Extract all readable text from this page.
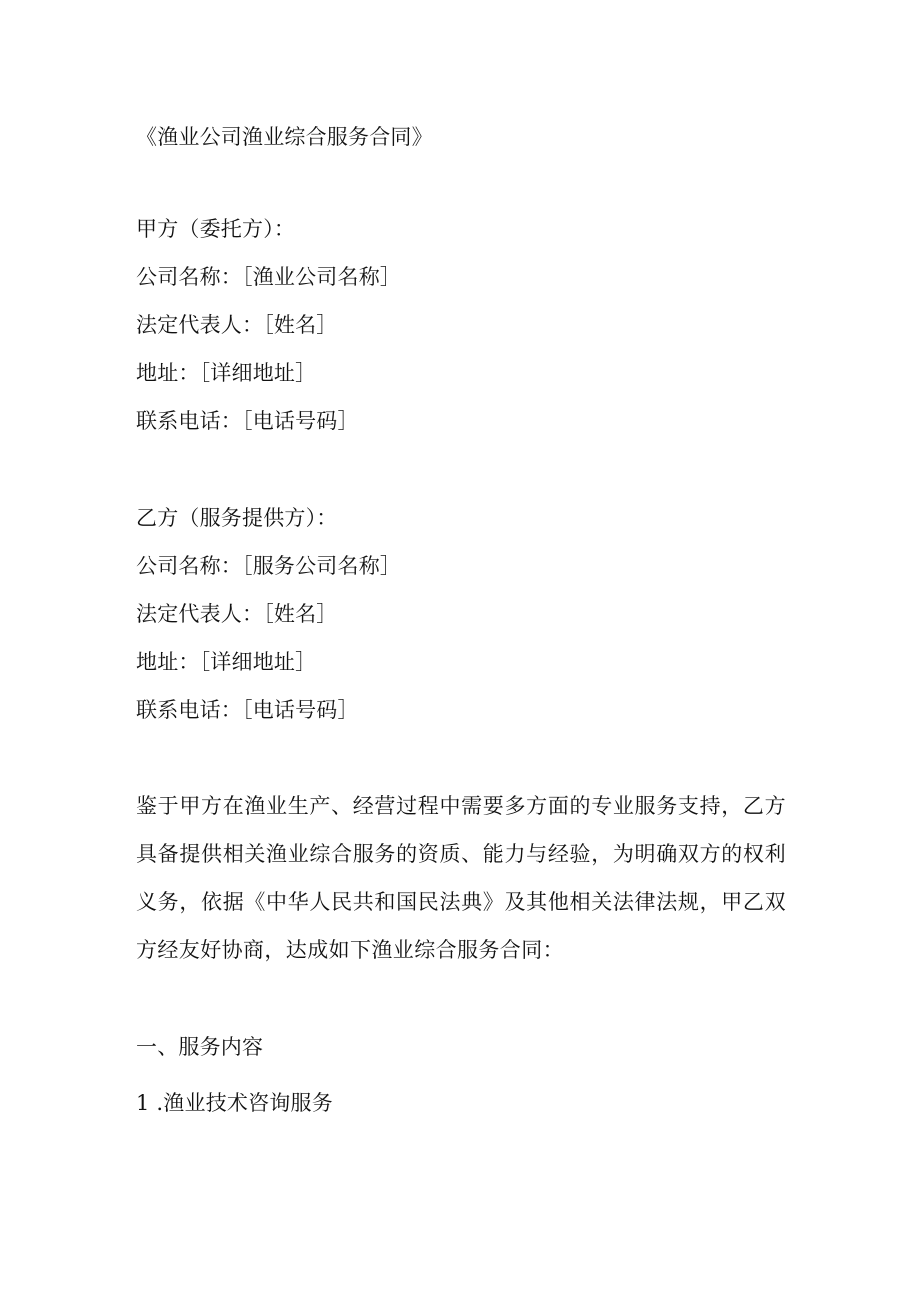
《渔业公司渔业综合服务合同》
甲方（委托方）：
公司名称：［渔业公司名称］
法定代表人：［姓名］
地址：［详细地址］
联系电话：［电话号码］
乙方（服务提供方）：
公司名称：［服务公司名称］
法定代表人：［姓名］
地址：［详细地址］
联系电话：［电话号码］
鉴于甲方在渔业生产、经营过程中需要多方面的专业服务支持，乙方具备提供相关渔业综合服务的资质、能力与经验，为明确双方的权利义务，依据《中华人民共和国民法典》及其他相关法律法规，甲乙双方经友好协商，达成如下渔业综合服务合同：
一、服务内容
1 .渔业技术咨询服务
